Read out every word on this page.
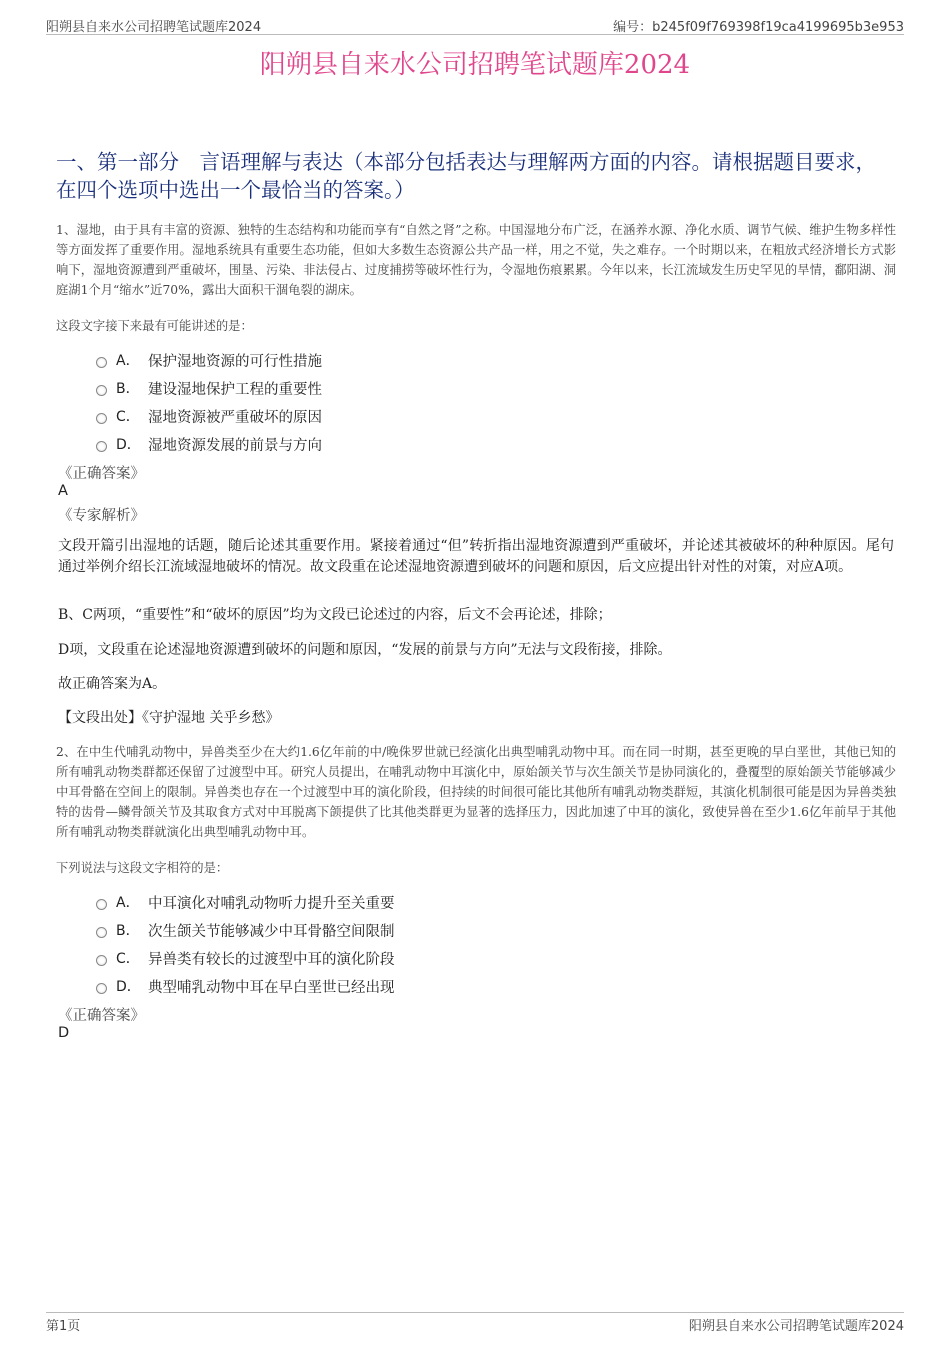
阳朔县自来水公司招聘笔试题库2024	编号：b245f09f769398f19ca4199695b3e953
阳朔县自来水公司招聘笔试题库2024
一、第一部分　言语理解与表达（本部分包括表达与理解两方面的内容。请根据题目要求，在四个选项中选出一个最恰当的答案。）
1、湿地，由于具有丰富的资源、独特的生态结构和功能而享有“自然之肾”之称。中国湿地分布广泛，在涵养水源、净化水质、调节气候、维护生物多样性等方面发挥了重要作用。湿地系统具有重要生态功能，但如大多数生态资源公共产品一样，用之不觉，失之难存。一个时期以来，在粗放式经济增长方式影响下，湿地资源遭到严重破坏，围垦、污染、非法侵占、过度捕捞等破坏性行为，令湿地伤痕累累。今年以来，长江流域发生历史罕见的旱情，鄱阳湖、洞庭湖1个月“缩水”近70%，露出大面积干涸龟裂的湖床。
这段文字接下来最有可能讲述的是：
A． 保护湿地资源的可行性措施
B． 建设湿地保护工程的重要性
C． 湿地资源被严重破坏的原因
D． 湿地资源发展的前景与方向
《正确答案》
A
《专家解析》
文段开篇引出湿地的话题，随后论述其重要作用。紧接着通过“但”转折指出湿地资源遭到严重破坏，并论述其被破坏的种种原因。尾句通过举例介绍长江流域湿地破坏的情况。故文段重在论述湿地资源遭到破坏的问题和原因，后文应提出针对性的对策，对应A项。
B、C两项，“重要性”和“破坏的原因”均为文段已论述过的内容，后文不会再论述，排除；
D项，文段重在论述湿地资源遭到破坏的问题和原因，“发展的前景与方向”无法与文段衔接，排除。
故正确答案为A。
【文段出处】《守护湿地 关乎乡愁》
2、在中生代哺乳动物中，异兽类至少在大约1.6亿年前的中/晚侏罗世就已经演化出典型哺乳动物中耳。而在同一时期，甚至更晚的早白垩世，其他已知的所有哺乳动物类群都还保留了过渡型中耳。研究人员提出，在哺乳动物中耳演化中，原始颌关节与次生颌关节是协同演化的，叠覆型的原始颌关节能够减少中耳骨骼在空间上的限制。异兽类也存在一个过渡型中耳的演化阶段，但持续的时间很可能比其他所有哺乳动物类群短，其演化机制很可能是因为异兽类独特的齿骨—鳞骨颌关节及其取食方式对中耳脱离下颌提供了比其他类群更为显著的选择压力，因此加速了中耳的演化，致使异兽在至少1.6亿年前早于其他所有哺乳动物类群就演化出典型哺乳动物中耳。
下列说法与这段文字相符的是：
A． 中耳演化对哺乳动物听力提升至关重要
B． 次生颌关节能够减少中耳骨骼空间限制
C． 异兽类有较长的过渡型中耳的演化阶段
D． 典型哺乳动物中耳在早白垩世已经出现
《正确答案》
D
第1页	阳朔县自来水公司招聘笔试题库2024
